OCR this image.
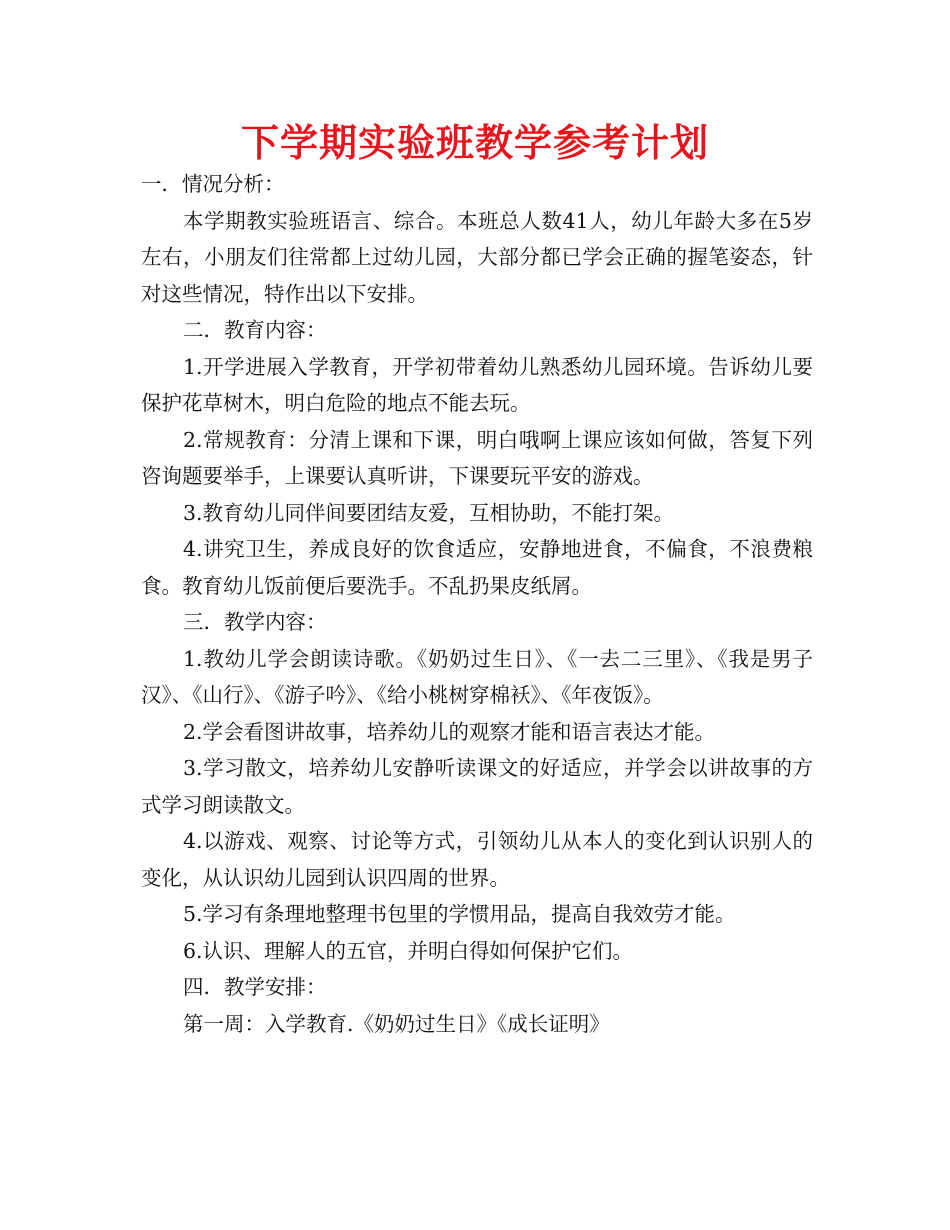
下学期实验班教学参考计划

一．情况分析：

本学期教实验班语言、综合。本班总人数41人，幼儿年龄大多在5岁左右，小朋友们往常都上过幼儿园，大部分都已学会正确的握笔姿态，针对这些情况，特作出以下安排。

二．教育内容：

1.开学进展入学教育，开学初带着幼儿熟悉幼儿园环境。告诉幼儿要保护花草树木，明白危险的地点不能去玩。

2.常规教育：分清上课和下课，明白哦啊上课应该如何做，答复下列咨询题要举手，上课要认真听讲，下课要玩平安的游戏。

3.教育幼儿同伴间要团结友爱，互相协助，不能打架。

4.讲究卫生，养成良好的饮食适应，安静地进食，不偏食，不浪费粮食。教育幼儿饭前便后要洗手。不乱扔果皮纸屑。

三．教学内容：

1.教幼儿学会朗读诗歌。《奶奶过生日》、《一去二三里》、《我是男子汉》、《山行》、《游子吟》、《给小桃树穿棉袄》、《年夜饭》。

2.学会看图讲故事，培养幼儿的观察才能和语言表达才能。

3.学习散文，培养幼儿安静听读课文的好适应，并学会以讲故事的方式学习朗读散文。

4.以游戏、观察、讨论等方式，引领幼儿从本人的变化到认识别人的变化，从认识幼儿园到认识四周的世界。

5.学习有条理地整理书包里的学惯用品，提高自我效劳才能。

6.认识、理解人的五官，并明白得如何保护它们。

四．教学安排：

第一周：入学教育.《奶奶过生日》《成长证明》
